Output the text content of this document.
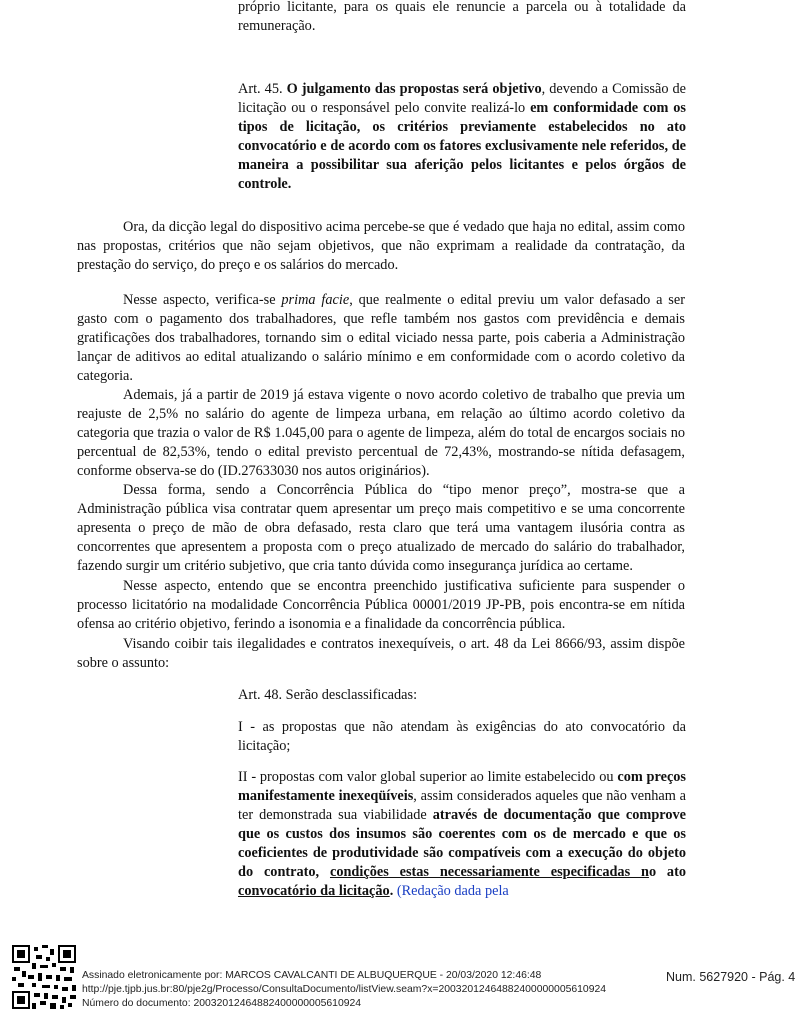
próprio licitante, para os quais ele renuncie a parcela ou à totalidade da remuneração.

Art. 45. O julgamento das propostas será objetivo, devendo a Comissão de licitação ou o responsável pelo convite realizá-lo em conformidade com os tipos de licitação, os critérios previamente estabelecidos no ato convocatório e de acordo com os fatores exclusivamente nele referidos, de maneira a possibilitar sua aferição pelos licitantes e pelos órgãos de controle.

Ora, da dicção legal do dispositivo acima percebe-se que é vedado que haja no edital, assim como nas propostas, critérios que não sejam objetivos, que não exprimam a realidade da contratação, da prestação do serviço, do preço e os salários do mercado.

Nesse aspecto, verifica-se prima facie, que realmente o edital previu um valor defasado a ser gasto com o pagamento dos trabalhadores, que refle também nos gastos com previdência e demais gratificações dos trabalhadores, tornando sim o edital viciado nessa parte, pois caberia a Administração lançar de aditivos ao edital atualizando o salário mínimo e em conformidade com o acordo coletivo da categoria.

Ademais, já a partir de 2019 já estava vigente o novo acordo coletivo de trabalho que previa um reajuste de 2,5% no salário do agente de limpeza urbana, em relação ao último acordo coletivo da categoria que trazia o valor de R$ 1.045,00 para o agente de limpeza, além do total de encargos sociais no percentual de 82,53%, tendo o edital previsto percentual de 72,43%, mostrando-se nítida defasagem, conforme observa-se do (ID.27633030 nos autos originários).

Dessa forma, sendo a Concorrência Pública do “tipo menor preço”, mostra-se que a Administração pública visa contratar quem apresentar um preço mais competitivo e se uma concorrente apresenta o preço de mão de obra defasado, resta claro que terá uma vantagem ilusória contra as concorrentes que apresentem a proposta com o preço atualizado de mercado do salário do trabalhador, fazendo surgir um critério subjetivo, que cria tanto dúvida como insegurança jurídica ao certame.

Nesse aspecto, entendo que se encontra preenchido justificativa suficiente para suspender o processo licitatório na modalidade Concorrência Pública 00001/2019 JP-PB, pois encontra-se em nítida ofensa ao critério objetivo, ferindo a isonomia e a finalidade da concorrência pública.

Visando coibir tais ilegalidades e contratos inexequíveis, o art. 48 da Lei 8666/93, assim dispõe sobre o assunto:

Art. 48. Serão desclassificadas:

I - as propostas que não atendam às exigências do ato convocatório da licitação;

II - propostas com valor global superior ao limite estabelecido ou com preços manifestamente inexeqüíveis, assim considerados aqueles que não venham a ter demonstrada sua viabilidade através de documentação que comprove que os custos dos insumos são coerentes com os de mercado e que os coeficientes de produtividade são compatíveis com a execução do objeto do contrato, condições estas necessariamente especificadas no ato convocatório da licitação. (Redação dada pela

Assinado eletronicamente por: MARCOS CAVALCANTI DE ALBUQUERQUE - 20/03/2020 12:46:48
http://pje.tjpb.jus.br:80/pje2g/Processo/ConsultaDocumento/listView.seam?x=20032012464882400000005610924
Número do documento: 20032012464882400000005610924
Num. 5627920 - Pág. 4
